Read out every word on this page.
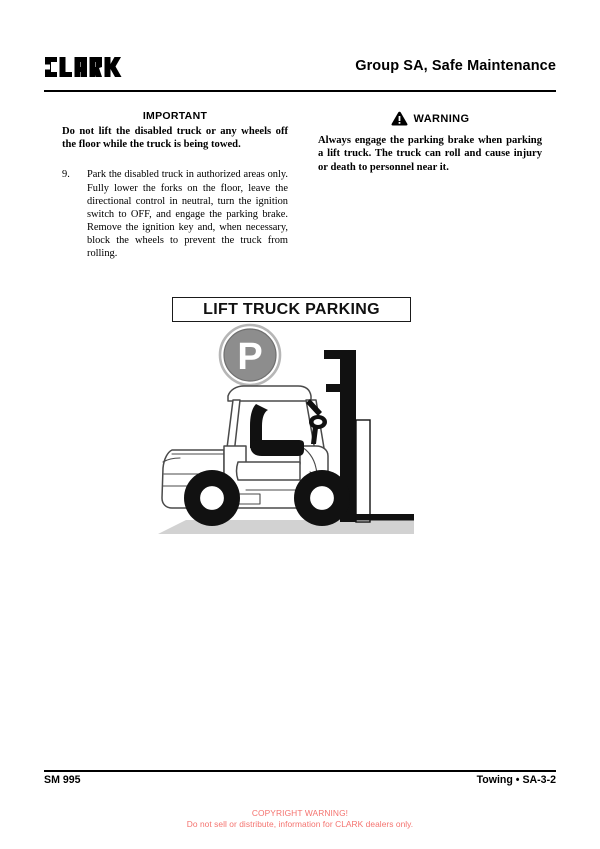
Group SA, Safe Maintenance
IMPORTANT

Do not lift the disabled truck or any wheels off the floor while the truck is being towed.

9.	Park the disabled truck in authorized areas only. Fully lower the forks on the floor, leave the directional control in neutral, turn the ignition switch to OFF, and engage the parking brake. Remove the ignition key and, when necessary, block the wheels to prevent the truck from rolling.
WARNING

Always engage the parking brake when parking a lift truck. The truck can roll and cause injury or death to personnel near it.

LIFT TRUCK PARKING
P
SM 995	Towing • SA-3-2
COPYRIGHT WARNING!
Do not sell or distribute, information for CLARK dealers only.
